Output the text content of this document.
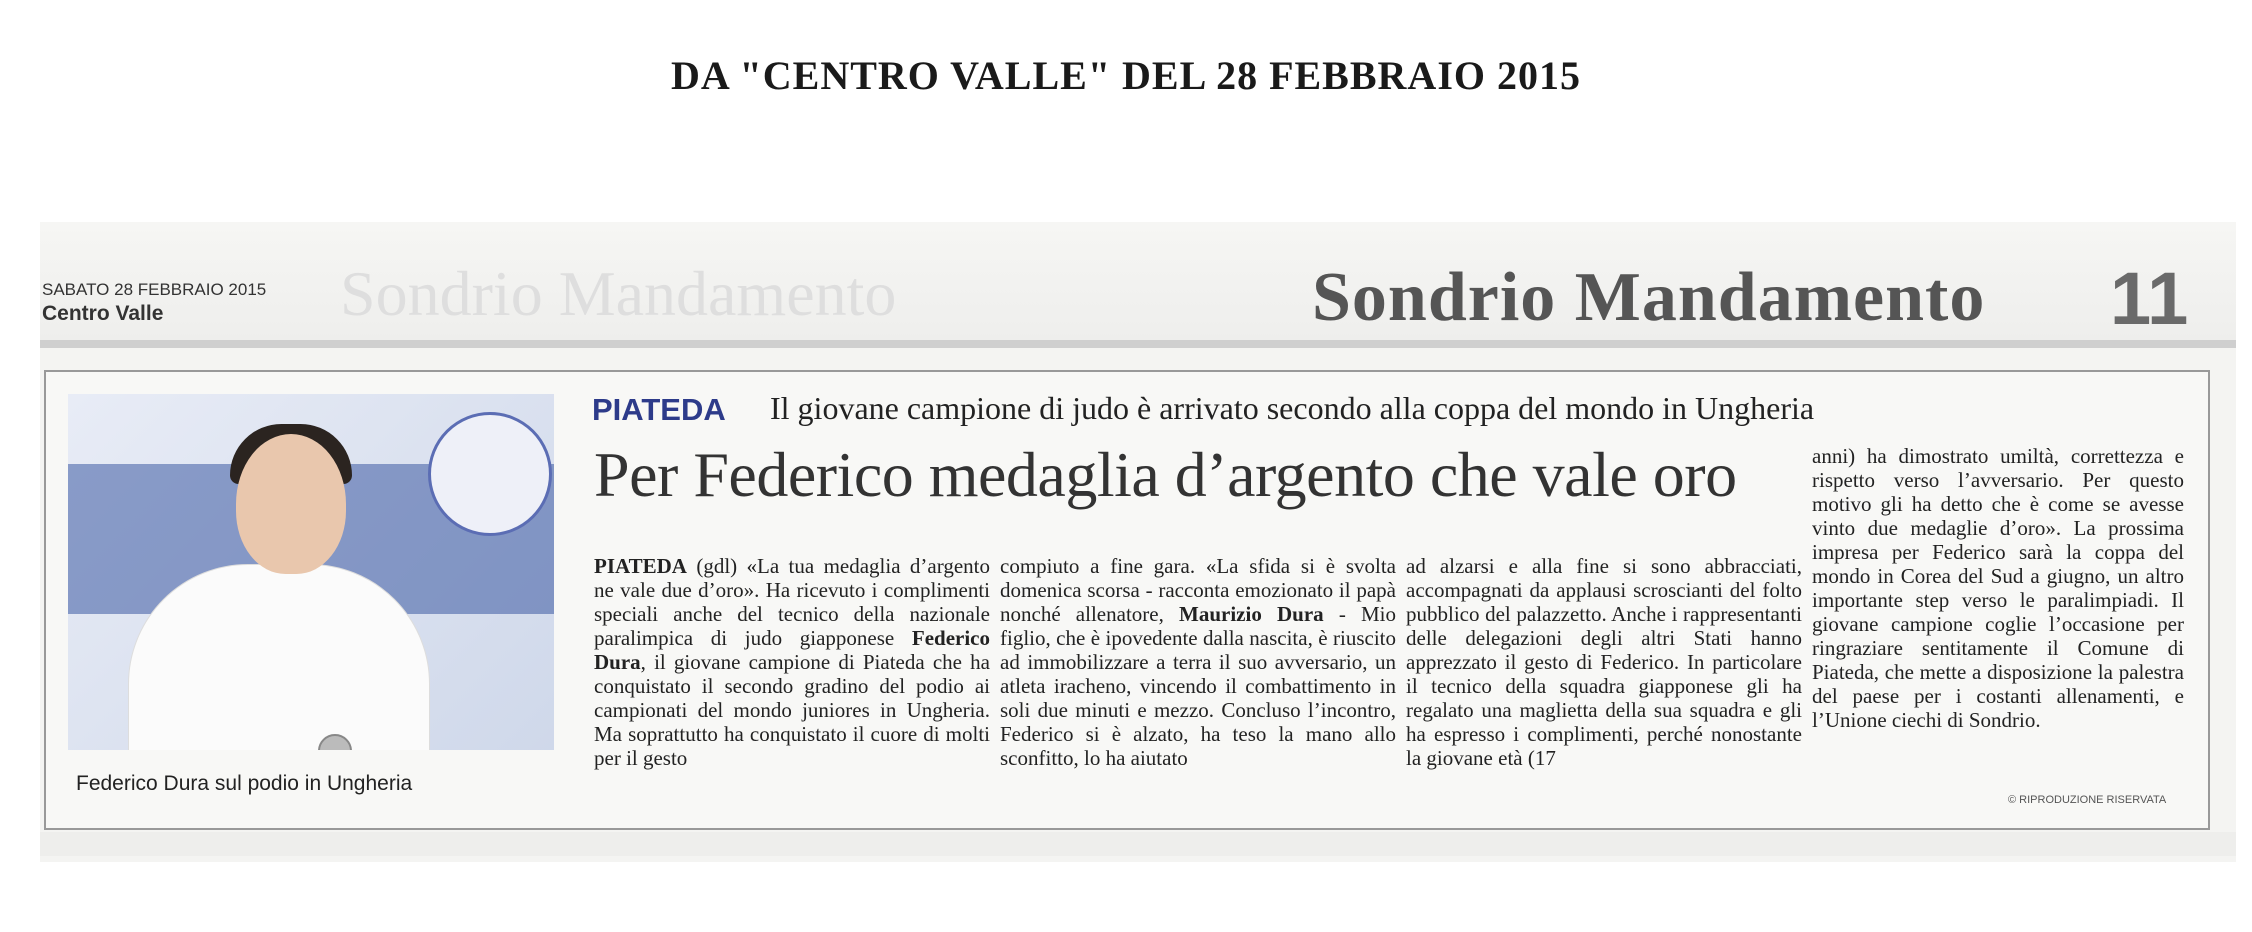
DA "CENTRO VALLE" DEL 28 FEBBRAIO 2015
Sondrio Mandamento
SABATO 28 FEBBRAIO 2015
Centro Valle	Sondrio Mandamento 11
Federico Dura sul podio in Ungheria
PIATEDA Il giovane campione di judo è arrivato secondo alla coppa del mondo in Ungheria
Per Federico medaglia d’argento che vale oro
PIATEDA (gdl) «La tua medaglia d’argento ne vale due d’oro». Ha ricevuto i complimenti speciali anche del tecnico della nazionale paralimpica di judo giapponese Federico Dura, il giovane campione di Piateda che ha conquistato il secondo gradino del podio ai campionati del mondo juniores in Ungheria. Ma soprattutto ha conquistato il cuore di molti per il gesto
compiuto a fine gara. «La sfida si è svolta domenica scorsa - racconta emozionato il papà nonché allenatore, Maurizio Dura - Mio figlio, che è ipovedente dalla nascita, è riuscito ad immobilizzare a terra il suo avversario, un atleta iracheno, vincendo il combattimento in soli due minuti e mezzo. Concluso l’incontro, Federico si è alzato, ha teso la mano allo sconfitto, lo ha aiutato
ad alzarsi e alla fine si sono abbracciati, accompagnati da applausi scroscianti del folto pubblico del palazzetto. Anche i rappresentanti delle delegazioni degli altri Stati hanno apprezzato il gesto di Federico. In particolare il tecnico della squadra giapponese gli ha regalato una maglietta della sua squadra e gli ha espresso i complimenti, perché nonostante la giovane età (17
anni) ha dimostrato umiltà, correttezza e rispetto verso l’avversario. Per questo motivo gli ha detto che è come se avesse vinto due medaglie d’oro». La prossima impresa per Federico sarà la coppa del mondo in Corea del Sud a giugno, un altro importante step verso le paralimpiadi. Il giovane campione coglie l’occasione per ringraziare sentitamente il Comune di Piateda, che mette a disposizione la palestra del paese per i costanti allenamenti, e l’Unione ciechi di Sondrio.
© RIPRODUZIONE RISERVATA
